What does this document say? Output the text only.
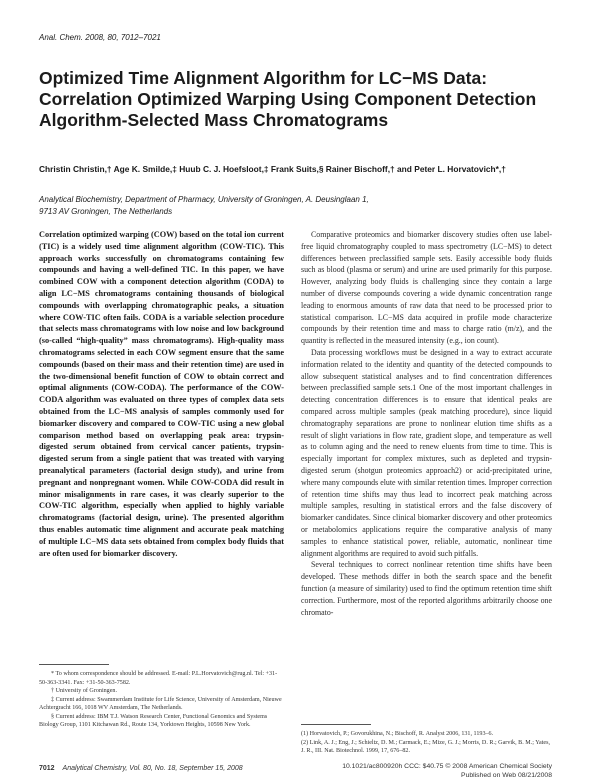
Anal. Chem. 2008, 80, 7012–7021
Optimized Time Alignment Algorithm for LC−MS Data: Correlation Optimized Warping Using Component Detection Algorithm-Selected Mass Chromatograms
Christin Christin,† Age K. Smilde,‡ Huub C. J. Hoefsloot,‡ Frank Suits,§ Rainer Bischoff,† and Peter L. Horvatovich*,†
Analytical Biochemistry, Department of Pharmacy, University of Groningen, A. Deusinglaan 1,
9713 AV Groningen, The Netherlands

Correlation optimized warping (COW) based on the total ion current (TIC) is a widely used time alignment algorithm (COW-TIC). This approach works successfully on chromatograms containing few compounds and having a well-defined TIC. In this paper, we have combined COW with a component detection algorithm (CODA) to align LC−MS chromatograms containing thousands of biological compounds with overlapping chromatographic peaks, a situation where COW-TIC often fails. CODA is a variable selection procedure that selects mass chromatograms with low noise and low background (so-called “high-quality” mass chromatograms). High-quality mass chromatograms selected in each COW segment ensure that the same compounds (based on their mass and their retention time) are used in the two-dimensional benefit function of COW to obtain correct and optimal alignments (COW-CODA). The performance of the COW-CODA algorithm was evaluated on three types of complex data sets obtained from the LC−MS analysis of samples commonly used for biomarker discovery and compared to COW-TIC using a new global comparison method based on overlapping peak area: trypsin-digested serum obtained from cervical cancer patients, trypsin-digested serum from a single patient that was treated with varying preanalytical parameters (factorial design study), and urine from pregnant and nonpregnant women. While COW-CODA did result in minor misalignments in rare cases, it was clearly superior to the COW-TIC algorithm, especially when applied to highly variable chromatograms (factorial design, urine). The presented algorithm thus enables automatic time alignment and accurate peak matching of multiple LC−MS data sets obtained from complex body fluids that are often used for biomarker discovery.

Comparative proteomics and biomarker discovery studies often use label-free liquid chromatography coupled to mass spectrometry (LC−MS) to detect differences between preclassified sample sets. Easily accessible body fluids such as blood (plasma or serum) and urine are used primarily for this purpose. However, analyzing body fluids is challenging since they contain a large number of diverse compounds covering a wide dynamic concentration range leading to enormous amounts of raw data that need to be processed prior to statistical comparison. LC−MS data acquired in profile mode characterize compounds by their retention time and mass to charge ratio (m/z), and the quantity is reflected in the measured intensity (e.g., ion count).

Data processing workflows must be designed in a way to extract accurate information related to the identity and quantity of the detected compounds to allow subsequent statistical analyses and to find concentration differences between preclassified sample sets.1 One of the most important challenges in detecting concentration differences is to ensure that identical peaks are compared across multiple samples (peak matching procedure), since liquid chromatography separations are prone to nonlinear elution time shifts as a result of slight variations in flow rate, gradient slope, and temperature as well as to column aging and the need to renew eluents from time to time. This is especially important for complex mixtures, such as depleted and trypsin-digested serum (shotgun proteomics approach2) or acid-precipitated urine, where many compounds elute with similar retention times. Improper correction of retention time shifts may thus lead to incorrect peak matching across multiple samples, resulting in statistical errors and the false discovery of biomarker candidates. Since clinical biomarker discovery and other proteomics or metabolomics applications require the comparative analysis of many samples to enhance statistical power, reliable, automatic, nonlinear time alignment algorithms are required to avoid such pitfalls.

Several techniques to correct nonlinear retention time shifts have been developed. These methods differ in both the search space and the benefit function (a measure of similarity) used to find the optimum retention time shift correction. Furthermore, most of the reported algorithms arbitrarily choose one chromato-

* To whom correspondence should be addressed. E-mail: P.L.Horvatovich@rug.nl. Tel: +31-50-363-3341. Fax: +31-50-363-7582.
† University of Groningen.
‡ Current address: Swammerdam Institute for Life Science, University of Amsterdam, Nieuwe Achtergracht 166, 1018 WV Amsterdam, The Netherlands.
§ Current address: IBM T.J. Watson Research Center, Functional Genomics and Systems Biology Group, 1101 Kitchawan Rd., Route 134, Yorktown Heights, 10598 New York.
(1) Horvatovich, P.; Govorukhina, N.; Bischoff, R. Analyst 2006, 131, 1193–6.
(2) Link, A. J.; Eng, J.; Schieltz, D. M.; Carmack, E.; Mize, G. J.; Morris, D. R.; Garvik, B. M.; Yates, J. R., III. Nat. Biotechnol. 1999, 17, 676–82.
7012 Analytical Chemistry, Vol. 80, No. 18, September 15, 2008	10.1021/ac800920h CCC: $40.75 © 2008 American Chemical Society
Published on Web 08/21/2008
